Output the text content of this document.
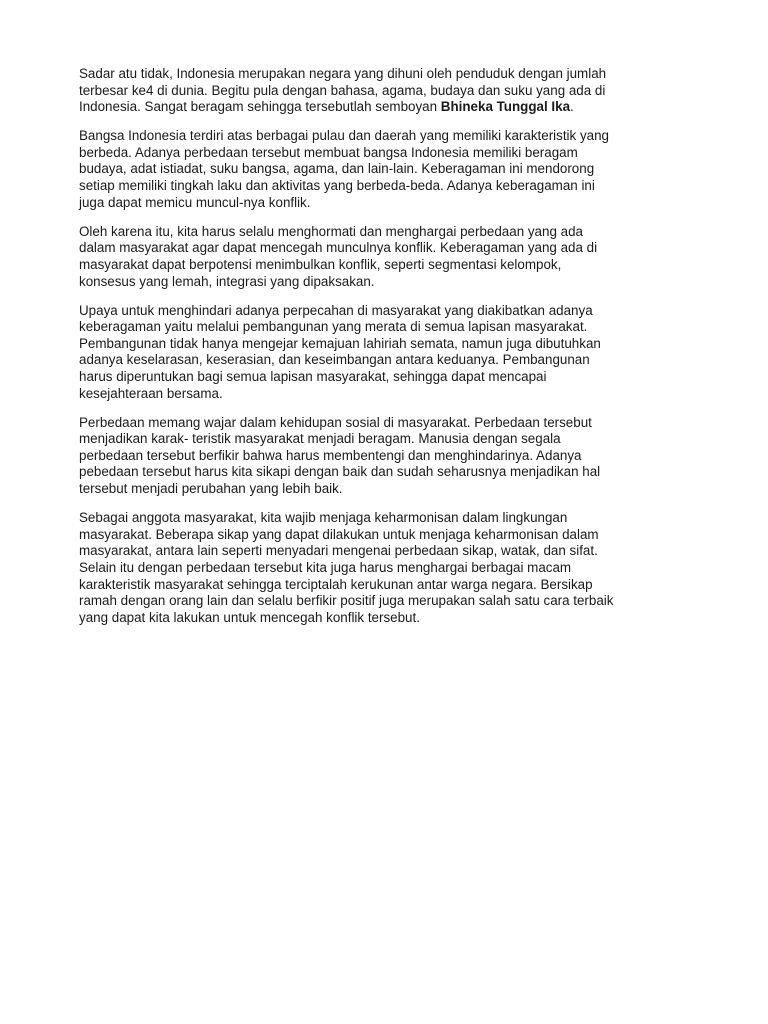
Sadar atu tidak, Indonesia merupakan negara yang dihuni oleh penduduk dengan jumlah
terbesar ke4 di dunia. Begitu pula dengan bahasa, agama, budaya dan suku yang ada di
Indonesia. Sangat beragam sehingga tersebutlah semboyan Bhineka Tunggal Ika.

Bangsa Indonesia terdiri atas berbagai pulau dan daerah yang memiliki karakteristik yang
berbeda. Adanya perbedaan tersebut membuat bangsa Indonesia memiliki beragam
budaya, adat istiadat, suku bangsa, agama, dan lain-lain. Keberagaman ini mendorong
setiap memiliki tingkah laku dan aktivitas yang berbeda-beda. Adanya keberagaman ini
juga dapat memicu muncul-nya konflik.

Oleh karena itu, kita harus selalu menghormati dan menghargai perbedaan yang ada
dalam masyarakat agar dapat mencegah munculnya konflik. Keberagaman yang ada di
masyarakat dapat berpotensi menimbulkan konflik, seperti segmentasi kelompok,
konsesus yang lemah, integrasi yang dipaksakan.

Upaya untuk menghindari adanya perpecahan di masyarakat yang diakibatkan adanya
keberagaman yaitu melalui pembangunan yang merata di semua lapisan masyarakat.
Pembangunan tidak hanya mengejar kemajuan lahiriah semata, namun juga dibutuhkan
adanya keselarasan, keserasian, dan keseimbangan antara keduanya. Pembangunan
harus diperuntukan bagi semua lapisan masyarakat, sehingga dapat mencapai
kesejahteraan bersama.

Perbedaan memang wajar dalam kehidupan sosial di masyarakat. Perbedaan tersebut
menjadikan karak- teristik masyarakat menjadi beragam. Manusia dengan segala
perbedaan tersebut berfikir bahwa harus membentengi dan menghindarinya. Adanya
pebedaan tersebut harus kita sikapi dengan baik dan sudah seharusnya menjadikan hal
tersebut menjadi perubahan yang lebih baik.

Sebagai anggota masyarakat, kita wajib menjaga keharmonisan dalam lingkungan
masyarakat. Beberapa sikap yang dapat dilakukan untuk menjaga keharmonisan dalam
masyarakat, antara lain seperti menyadari mengenai perbedaan sikap, watak, dan sifat.
Selain itu dengan perbedaan tersebut kita juga harus menghargai berbagai macam
karakteristik masyarakat sehingga terciptalah kerukunan antar warga negara. Bersikap
ramah dengan orang lain dan selalu berfikir positif juga merupakan salah satu cara terbaik
yang dapat kita lakukan untuk mencegah konflik tersebut.
